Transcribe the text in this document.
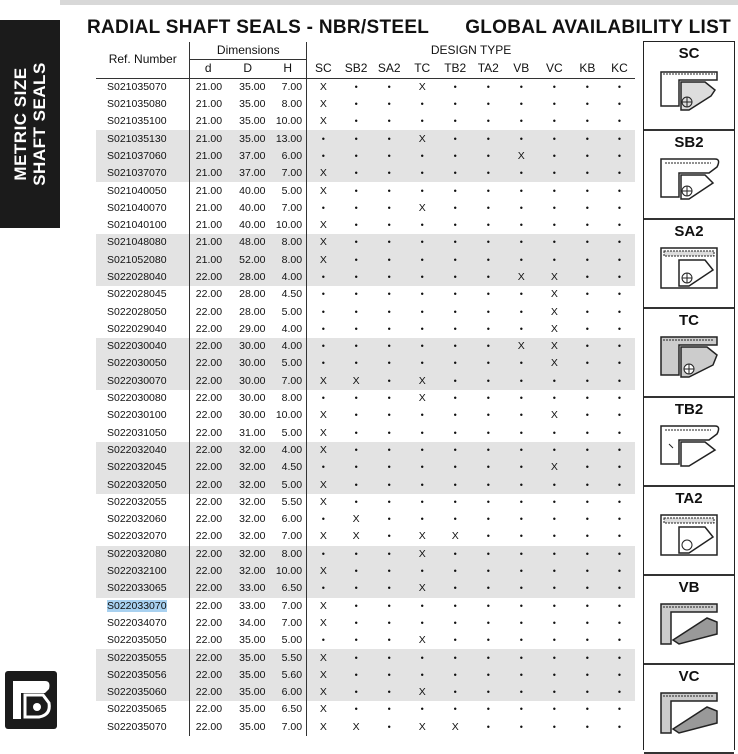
METRIC SIZE SHAFT SEALS
RADIAL SHAFT SEALS - NBR/STEEL GLOBAL AVAILABILITY LIST
Ref. Number	Dimensions			DESIGN TYPE									
	d	D	H	SC	SB2	SA2	TC	TB2	TA2	VB	VC	KB	KC
S021035070	21.00	35.00	7.00	X	•	•	X	•	•	•	•	•	•
S021035080	21.00	35.00	8.00	X	•	•	•	•	•	•	•	•	•
S021035100	21.00	35.00	10.00	X	•	•	•	•	•	•	•	•	•
S021035130	21.00	35.00	13.00	•	•	•	X	•	•	•	•	•	•
S021037060	21.00	37.00	6.00	•	•	•	•	•	•	X	•	•	•
S021037070	21.00	37.00	7.00	X	•	•	•	•	•	•	•	•	•
S021040050	21.00	40.00	5.00	X	•	•	•	•	•	•	•	•	•
S021040070	21.00	40.00	7.00	•	•	•	X	•	•	•	•	•	•
S021040100	21.00	40.00	10.00	X	•	•	•	•	•	•	•	•	•
S021048080	21.00	48.00	8.00	X	•	•	•	•	•	•	•	•	•
S021052080	21.00	52.00	8.00	X	•	•	•	•	•	•	•	•	•
S022028040	22.00	28.00	4.00	•	•	•	•	•	•	X	X	•	•
S022028045	22.00	28.00	4.50	•	•	•	•	•	•	•	X	•	•
S022028050	22.00	28.00	5.00	•	•	•	•	•	•	•	X	•	•
S022029040	22.00	29.00	4.00	•	•	•	•	•	•	•	X	•	•
S022030040	22.00	30.00	4.00	•	•	•	•	•	•	X	X	•	•
S022030050	22.00	30.00	5.00	•	•	•	•	•	•	•	X	•	•
S022030070	22.00	30.00	7.00	X	X	•	X	•	•	•	•	•	•
S022030080	22.00	30.00	8.00	•	•	•	X	•	•	•	•	•	•
S022030100	22.00	30.00	10.00	X	•	•	•	•	•	•	X	•	•
S022031050	22.00	31.00	5.00	X	•	•	•	•	•	•	•	•	•
S022032040	22.00	32.00	4.00	X	•	•	•	•	•	•	•	•	•
S022032045	22.00	32.00	4.50	•	•	•	•	•	•	•	X	•	•
S022032050	22.00	32.00	5.00	X	•	•	•	•	•	•	•	•	•
S022032055	22.00	32.00	5.50	X	•	•	•	•	•	•	•	•	•
S022032060	22.00	32.00	6.00	•	X	•	•	•	•	•	•	•	•
S022032070	22.00	32.00	7.00	X	X	•	X	X	•	•	•	•	•
S022032080	22.00	32.00	8.00	•	•	•	X	•	•	•	•	•	•
S022032100	22.00	32.00	10.00	X	•	•	•	•	•	•	•	•	•
S022033065	22.00	33.00	6.50	•	•	•	X	•	•	•	•	•	•
S022033070	22.00	33.00	7.00	X	•	•	•	•	•	•	•	•	•
S022034070	22.00	34.00	7.00	X	•	•	•	•	•	•	•	•	•
S022035050	22.00	35.00	5.00	•	•	•	X	•	•	•	•	•	•
S022035055	22.00	35.00	5.50	X	•	•	•	•	•	•	•	•	•
S022035056	22.00	35.00	5.60	X	•	•	•	•	•	•	•	•	•
S022035060	22.00	35.00	6.00	X	•	•	X	•	•	•	•	•	•
S022035065	22.00	35.00	6.50	X	•	•	•	•	•	•	•	•	•
S022035070	22.00	35.00	7.00	X	X	•	X	X	•	•	•	•	•
SC
SB2
SA2
TC
TB2
TA2
VB
VC
